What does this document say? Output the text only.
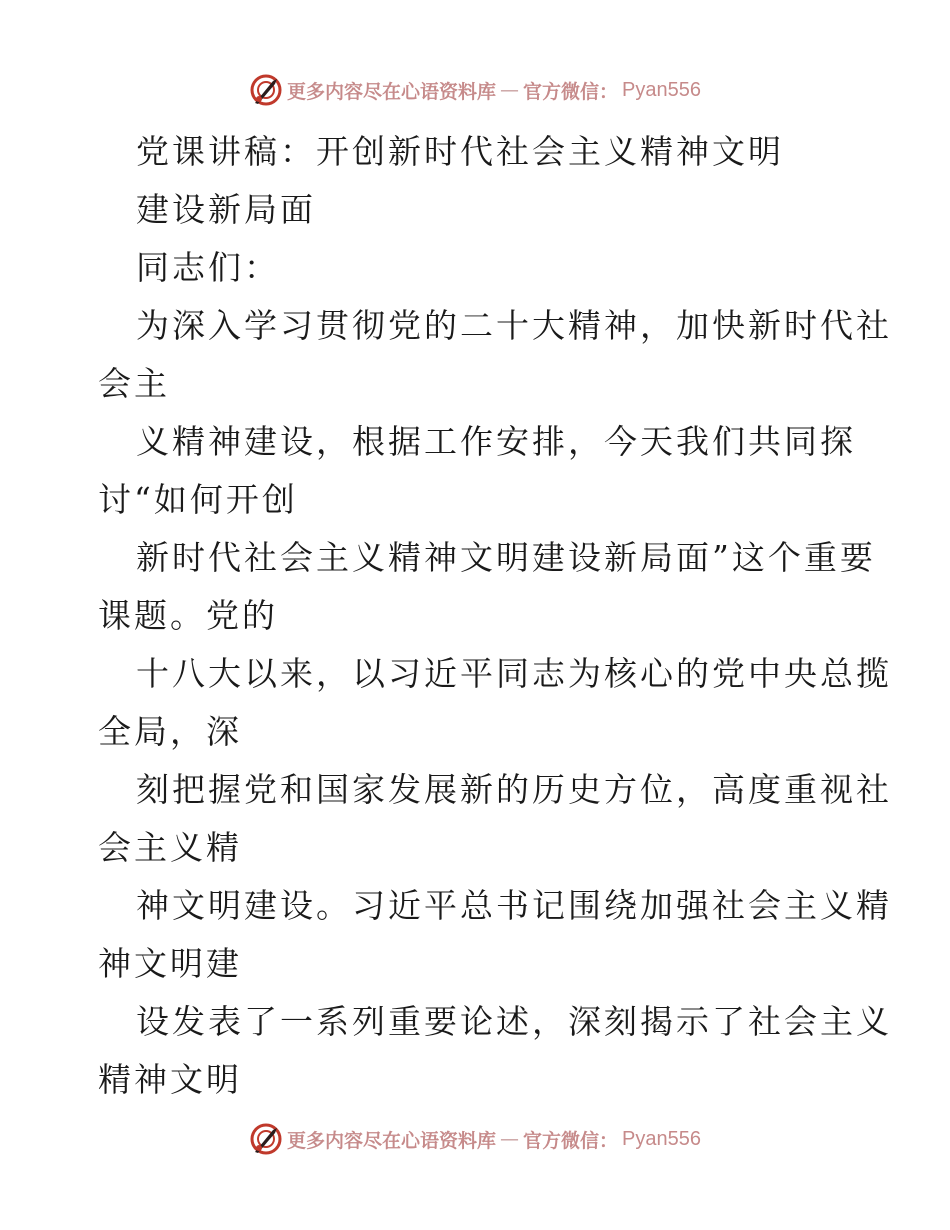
更多内容尽在心语资料库 — 官方微信： Pyan556
党课讲稿：开创新时代社会主义精神文明
建设新局面
同志们：
为深入学习贯彻党的二十大精神，加快新时代社
会主
义精神建设，根据工作安排，今天我们共同探
讨“如何开创
新时代社会主义精神文明建设新局面”这个重要
课题。党的
十八大以来，以习近平同志为核心的党中央总揽
全局，深
刻把握党和国家发展新的历史方位，高度重视社
会主义精
神文明建设。习近平总书记围绕加强社会主义精
神文明建
设发表了一系列重要论述，深刻揭示了社会主义
精神文明
更多内容尽在心语资料库 — 官方微信： Pyan556
